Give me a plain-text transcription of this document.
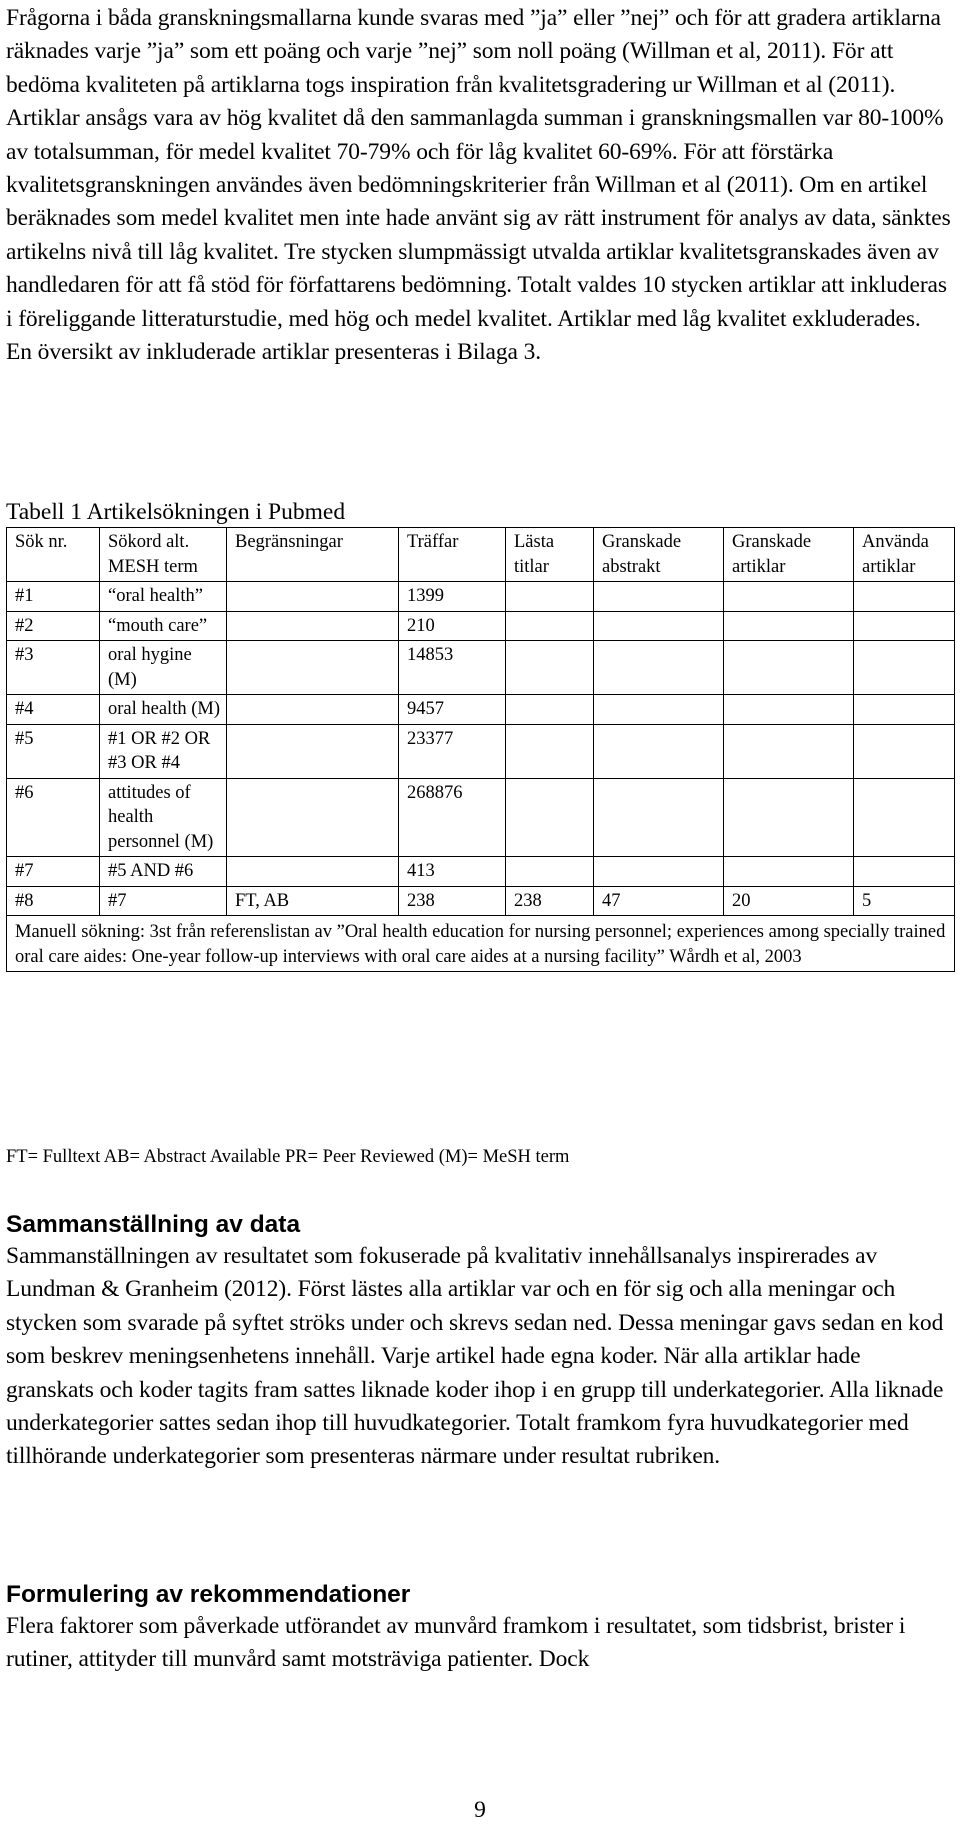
Frågorna i båda granskningsmallarna kunde svaras med ”ja” eller ”nej” och för att gradera artiklarna räknades varje ”ja” som ett poäng och varje ”nej” som noll poäng (Willman et al, 2011). För att bedöma kvaliteten på artiklarna togs inspiration från kvalitetsgradering ur Willman et al (2011). Artiklar ansågs vara av hög kvalitet då den sammanlagda summan i granskningsmallen var 80-100% av totalsumman, för medel kvalitet 70-79% och för låg kvalitet 60-69%. För att förstärka kvalitetsgranskningen användes även bedömningskriterier från Willman et al (2011). Om en artikel beräknades som medel kvalitet men inte hade använt sig av rätt instrument för analys av data, sänktes artikelns nivå till låg kvalitet. Tre stycken slumpmässigt utvalda artiklar kvalitetsgranskades även av handledaren för att få stöd för författarens bedömning. Totalt valdes 10 stycken artiklar att inkluderas i föreliggande litteraturstudie, med hög och medel kvalitet. Artiklar med låg kvalitet exkluderades. En översikt av inkluderade artiklar presenteras i Bilaga 3.

Tabell 1 Artikelsökningen i Pubmed
Sök nr.	Sökord alt. MESH term	Begränsningar	Träffar	Lästa titlar	Granskade abstrakt	Granskade artiklar	Använda artiklar
#1	“oral health”		1399				
#2	“mouth care”		210				
#3	oral hygine (M)		14853				
#4	oral health (M)		9457				
#5	#1 OR #2 OR #3 OR #4		23377				
#6	attitudes of health personnel (M)		268876				
#7	#5 AND #6		413				
#8	#7	FT, AB	238	238	47	20	5
Manuell sökning: 3st från referenslistan av ”Oral health education for nursing personnel; experiences among specially trained oral care aides: One-year follow-up interviews with oral care aides at a nursing facility” Wårdh et al, 2003							
FT= Fulltext AB= Abstract Available PR= Peer Reviewed (M)= MeSH term
Sammanställning av data

Sammanställningen av resultatet som fokuserade på kvalitativ innehållsanalys inspirerades av Lundman & Granheim (2012). Först lästes alla artiklar var och en för sig och alla meningar och stycken som svarade på syftet ströks under och skrevs sedan ned. Dessa meningar gavs sedan en kod som beskrev meningsenhetens innehåll. Varje artikel hade egna koder. När alla artiklar hade granskats och koder tagits fram sattes liknade koder ihop i en grupp till underkategorier. Alla liknade underkategorier sattes sedan ihop till huvudkategorier. Totalt framkom fyra huvudkategorier med tillhörande underkategorier som presenteras närmare under resultat rubriken.

Formulering av rekommendationer

Flera faktorer som påverkade utförandet av munvård framkom i resultatet, som tidsbrist, brister i rutiner, attityder till munvård samt motsträviga patienter. Dock

9
